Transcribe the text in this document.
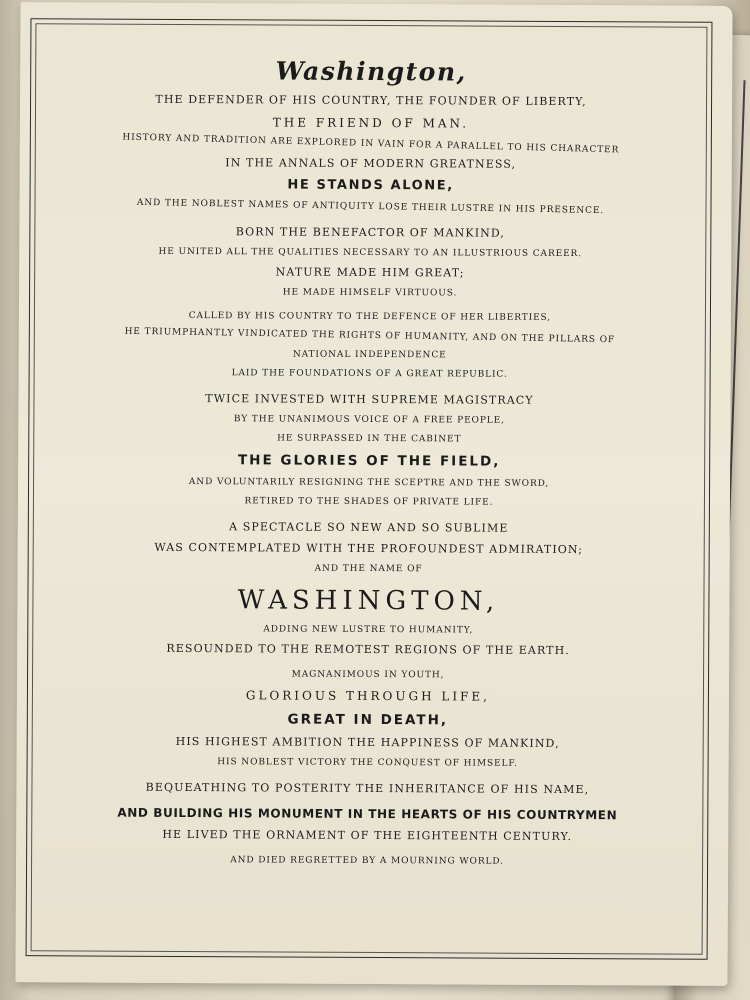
Washington,
THE DEFENDER OF HIS COUNTRY, THE FOUNDER OF LIBERTY,
THE FRIEND OF MAN.
HISTORY AND TRADITION ARE EXPLORED IN VAIN FOR A PARALLEL TO HIS CHARACTER
IN THE ANNALS OF MODERN GREATNESS,
HE STANDS ALONE,
AND THE NOBLEST NAMES OF ANTIQUITY LOSE THEIR LUSTRE IN HIS PRESENCE.
BORN THE BENEFACTOR OF MANKIND,
HE UNITED ALL THE QUALITIES NECESSARY TO AN ILLUSTRIOUS CAREER.
NATURE MADE HIM GREAT;
HE MADE HIMSELF VIRTUOUS.
CALLED BY HIS COUNTRY TO THE DEFENCE OF HER LIBERTIES,
HE TRIUMPHANTLY VINDICATED THE RIGHTS OF HUMANITY, AND ON THE PILLARS OF
NATIONAL INDEPENDENCE
LAID THE FOUNDATIONS OF A GREAT REPUBLIC.
TWICE INVESTED WITH SUPREME MAGISTRACY
BY THE UNANIMOUS VOICE OF A FREE PEOPLE,
HE SURPASSED IN THE CABINET
THE GLORIES OF THE FIELD,
AND VOLUNTARILY RESIGNING THE SCEPTRE AND THE SWORD,
RETIRED TO THE SHADES OF PRIVATE LIFE.
A SPECTACLE SO NEW AND SO SUBLIME
WAS CONTEMPLATED WITH THE PROFOUNDEST ADMIRATION;
AND THE NAME OF
WASHINGTON,
ADDING NEW LUSTRE TO HUMANITY,
RESOUNDED TO THE REMOTEST REGIONS OF THE EARTH.
MAGNANIMOUS IN YOUTH,
GLORIOUS THROUGH LIFE,
GREAT IN DEATH,
HIS HIGHEST AMBITION THE HAPPINESS OF MANKIND,
HIS NOBLEST VICTORY THE CONQUEST OF HIMSELF.
BEQUEATHING TO POSTERITY THE INHERITANCE OF HIS NAME,
AND BUILDING HIS MONUMENT IN THE HEARTS OF HIS COUNTRYMEN
HE LIVED THE ORNAMENT OF THE EIGHTEENTH CENTURY.
AND DIED REGRETTED BY A MOURNING WORLD.
